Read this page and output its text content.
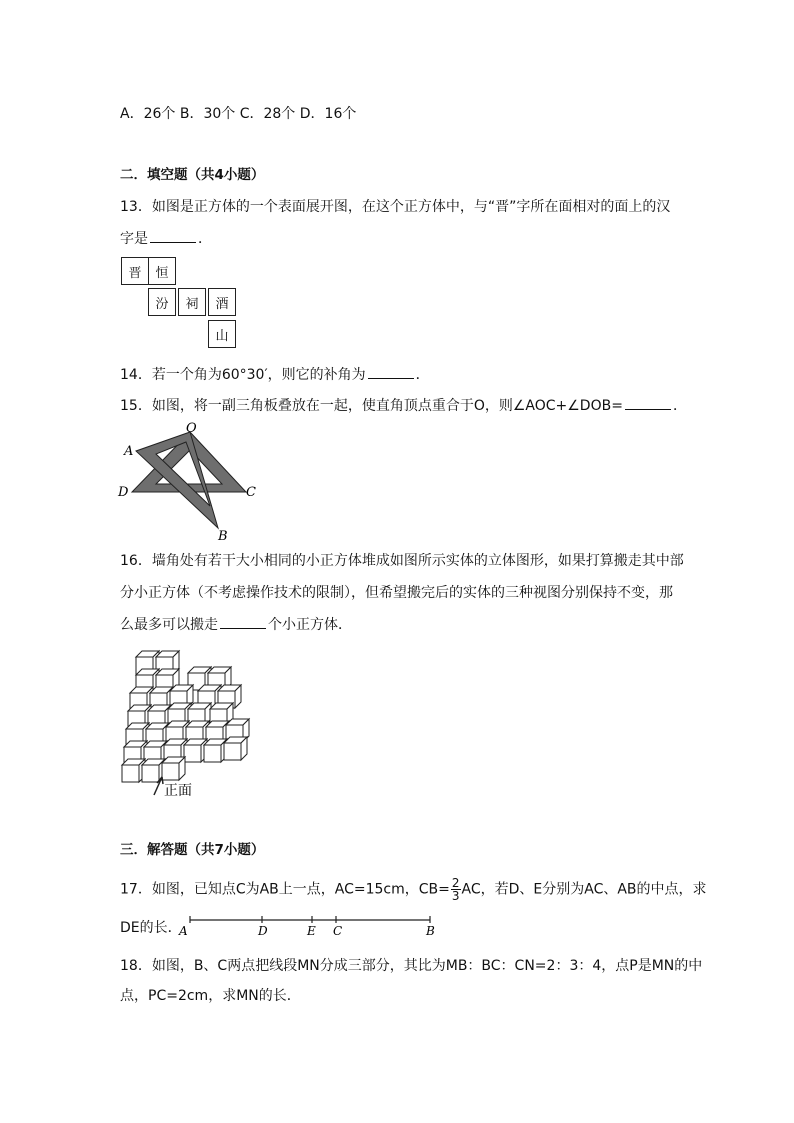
A．26个 B．30个 C．28个 D．16个
二．填空题（共4小题）
13．如图是正方体的一个表面展开图，在这个正方体中，与“晋”字所在面相对的面上的汉
字是	．
晋	恒
汾	祠	酒
山
14．若一个角为60°30′，则它的补角为	．
15．如图，将一副三角板叠放在一起，使直角顶点重合于O，则∠AOC+∠DOB=	．
O
A
D	C
B
16．墙角处有若干大小相同的小正方体堆成如图所示实体的立体图形，如果打算搬走其中部
分小正方体（不考虑操作技术的限制），但希望搬完后的实体的三种视图分别保持不变，那
么最多可以搬走	个小正方体．
正面
三．解答题（共7小题）
17．如图，已知点C为AB上一点，AC=15cm，$CB= \frac{2}{3}$ AC，若D、E分别为AC、AB的中点，求
DE的长．
A	D	E C	B
18．如图，B、C两点把线段MN分成三部分，其比为MB：BC：CN=2：3：4，点P是MN的中
点，PC=2cm，求MN的长．
